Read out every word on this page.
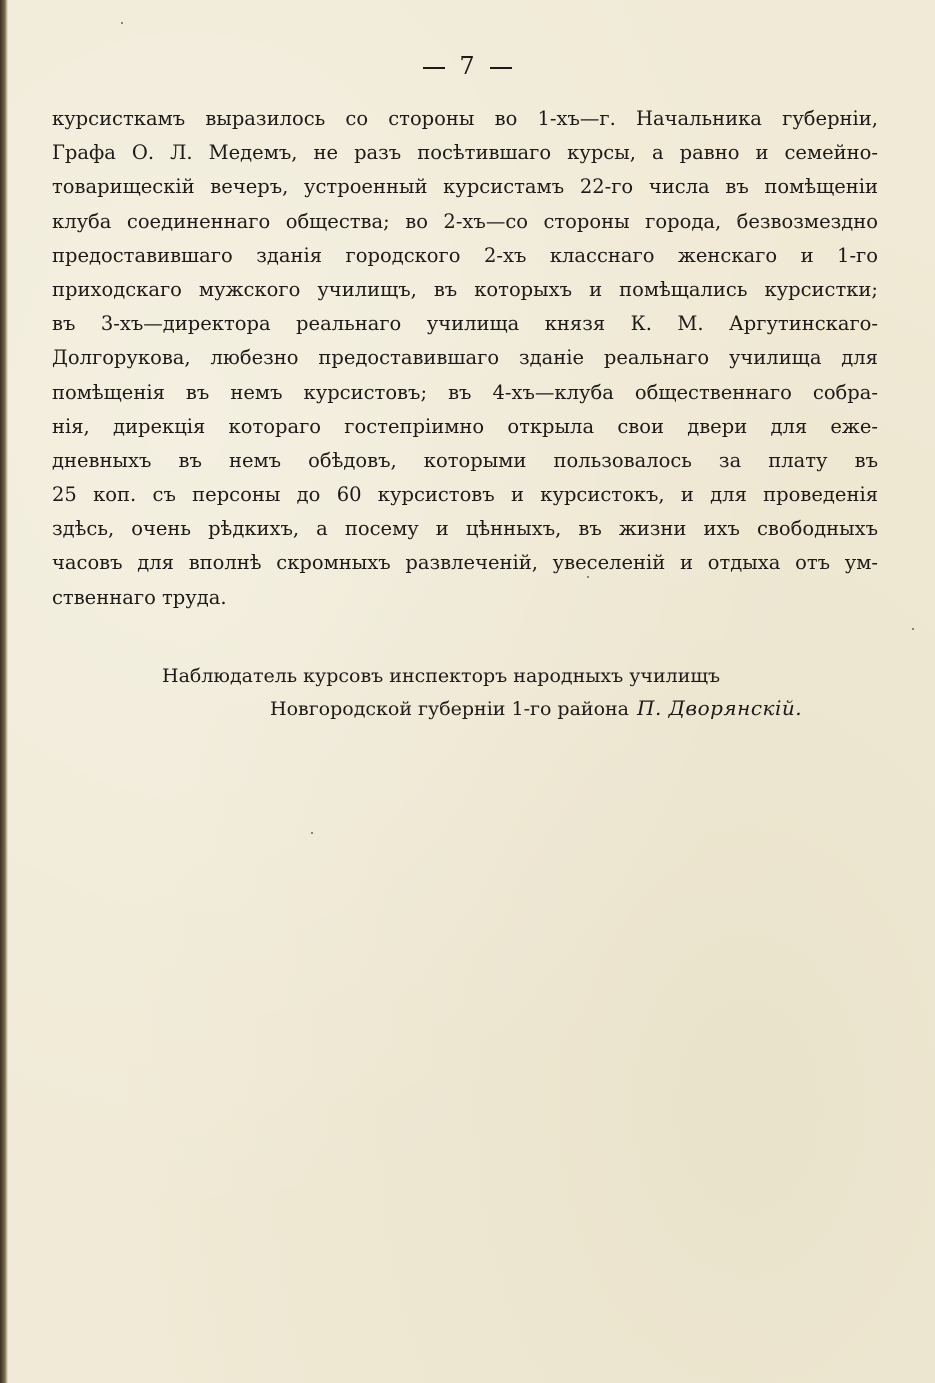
7
курсисткамъ выразилось со стороны во 1-хъ—г. Начальника губерніи,
Графа О. Л. Медемъ, не разъ посѣтившаго курсы, а равно и семейно-
товарищескій вечеръ, устроенный курсистамъ 22-го числа въ помѣщеніи
клуба соединеннаго общества; во 2-хъ—со стороны города, безвозмездно
предоставившаго зданія городского 2-хъ класснаго женскаго и 1-го
приходскаго мужского училищъ, въ которыхъ и помѣщались курсистки;
въ 3-хъ—директора реальнаго училища князя К. М. Аргутинскаго-
Долгорукова, любезно предоставившаго зданіе реальнаго училища для
помѣщенія въ немъ курсистовъ; въ 4-хъ—клуба общественнаго собра-
нія, дирекція котораго гостепріимно открыла свои двери для еже-
дневныхъ въ немъ обѣдовъ, которыми пользовалось за плату въ
25 коп. съ персоны до 60 курсистовъ и курсистокъ, и для проведенія
здѣсь, очень рѣдкихъ, а посему и цѣнныхъ, въ жизни ихъ свободныхъ
часовъ для вполнѣ скромныхъ развлеченій, увеселеній и отдыха отъ ум-
ственнаго труда.
Наблюдатель курсовъ инспекторъ народныхъ училищъ
Новгородской губерніи 1-го района П. Дворянскій.
